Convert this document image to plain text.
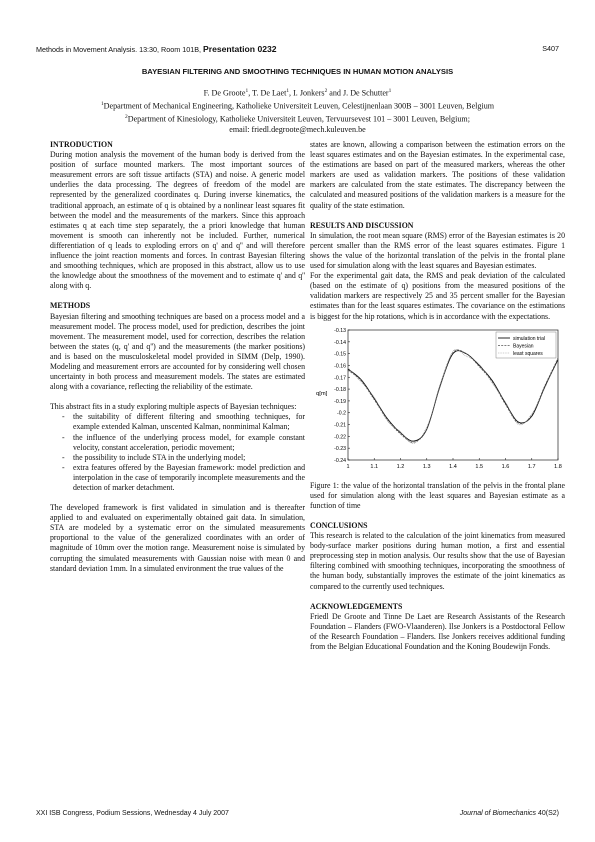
Methods in Movement Analysis. 13:30, Room 101B, Presentation 0232	S407
BAYESIAN FILTERING AND SMOOTHING TECHNIQUES IN HUMAN MOTION ANALYSIS
F. De Groote$^1$, T. De Laet$^1$, I. Jonkers$^2$ and J. De Schutter$^1$
$^1$Department of Mechanical Engineering, Katholieke Universiteit Leuven, Celestijnenlaan 300B – 3001 Leuven, Belgium
$^2$Department of Kinesiology, Katholieke Universiteit Leuven, Tervuursevest 101 – 3001 Leuven, Belgium;
email: friedl.degroote@mech.kuleuven.be
INTRODUCTION

During motion analysis the movement of the human body is derived from the position of surface mounted markers. The most important sources of measurement errors are soft tissue artifacts (STA) and noise. A generic model underlies the data processing. The degrees of freedom of the model are represented by the generalized coordinates q. During inverse kinematics, the traditional approach, an estimate of q is obtained by a nonlinear least squares fit between the model and the measurements of the markers. Since this approach estimates q at each time step separately, the a priori knowledge that human movement is smooth can inherently not be included. Further, numerical differentiation of q leads to exploding errors on q' and q'' and will therefore influence the joint reaction moments and forces. In contrast Bayesian filtering and smoothing techniques, which are proposed in this abstract, allow us to use the knowledge about the smoothness of the movement and to estimate q' and q'' along with q.

METHODS

Bayesian filtering and smoothing techniques are based on a process model and a measurement model. The process model, used for prediction, describes the joint movement. The measurement model, used for correction, describes the relation between the states (q, q' and q'') and the measurements (the marker positions) and is based on the musculoskeletal model provided in SIMM (Delp, 1990). Modeling and measurement errors are accounted for by considering well chosen uncertainty in both process and measurement models. The states are estimated along with a covariance, reflecting the reliability of the estimate.

This abstract fits in a study exploring multiple aspects of Bayesian techniques:

- the suitability of different filtering and smoothing techniques, for example extended Kalman, unscented Kalman, nonminimal Kalman;
- the influence of the underlying process model, for example constant velocity, constant acceleration, periodic movement;
- the possibility to include STA in the underlying model;
- extra features offered by the Bayesian framework: model prediction and interpolation in the case of temporarily incomplete measurements and the detection of marker detachment.

The developed framework is first validated in simulation and is thereafter applied to and evaluated on experimentally obtained gait data. In simulation, STA are modeled by a systematic error on the simulated measurements proportional to the value of the generalized coordinates with an order of magnitude of 10mm over the motion range. Measurement noise is simulated by corrupting the simulated measurements with Gaussian noise with mean 0 and standard deviation 1mm. In a simulated environment the true values of the

states are known, allowing a comparison between the estimation errors on the least squares estimates and on the Bayesian estimates. In the experimental case, the estimations are based on part of the measured markers, whereas the other markers are used as validation markers. The positions of these validation markers are calculated from the state estimates. The discrepancy between the calculated and measured positions of the validation markers is a measure for the quality of the state estimation.

RESULTS AND DISCUSSION

In simulation, the root mean square (RMS) error of the Bayesian estimates is 20 percent smaller than the RMS error of the least squares estimates. Figure 1 shows the value of the horizontal translation of the pelvis in the frontal plane used for simulation along with the least squares and Bayesian estimates.

For the experimental gait data, the RMS and peak deviation of the calculated (based on the estimate of q) positions from the measured positions of the validation markers are respectively 25 and 35 percent smaller for the Bayesian estimates than for the least squares estimates. The covariance on the estimations is biggest for the hip rotations, which is in accordance with the expectations.

1	1.1	1.2	1.3	1.4	1.5	1.6	1.7	1.8
-0.13
-0.14
-0.15
-0.16
-0.17
-0.18
-0.19
-0.2
-0.21
-0.22
-0.23
-0.24
q[m]
simulation trial
Bayesian
least squares

Figure 1: the value of the horizontal translation of the pelvis in the frontal plane used for simulation along with the least squares and Bayesian estimate as a function of time

CONCLUSIONS

This research is related to the calculation of the joint kinematics from measured body-surface marker positions during human motion, a first and essential preprocessing step in motion analysis. Our results show that the use of Bayesian filtering combined with smoothing techniques, incorporating the smoothness of the human body, substantially improves the estimate of the joint kinematics as compared to the currently used techniques.

ACKNOWLEDGEMENTS

Friedl De Groote and Tinne De Laet are Research Assistants of the Research Foundation – Flanders (FWO-Vlaanderen). Ilse Jonkers is a Postdoctoral Fellow of the Research Foundation – Flanders. Ilse Jonkers receives additional funding from the Belgian Educational Foundation and the Koning Boudewijn Fonds.

XXI ISB Congress, Podium Sessions, Wednesday 4 July 2007	Journal of Biomechanics 40(S2)
